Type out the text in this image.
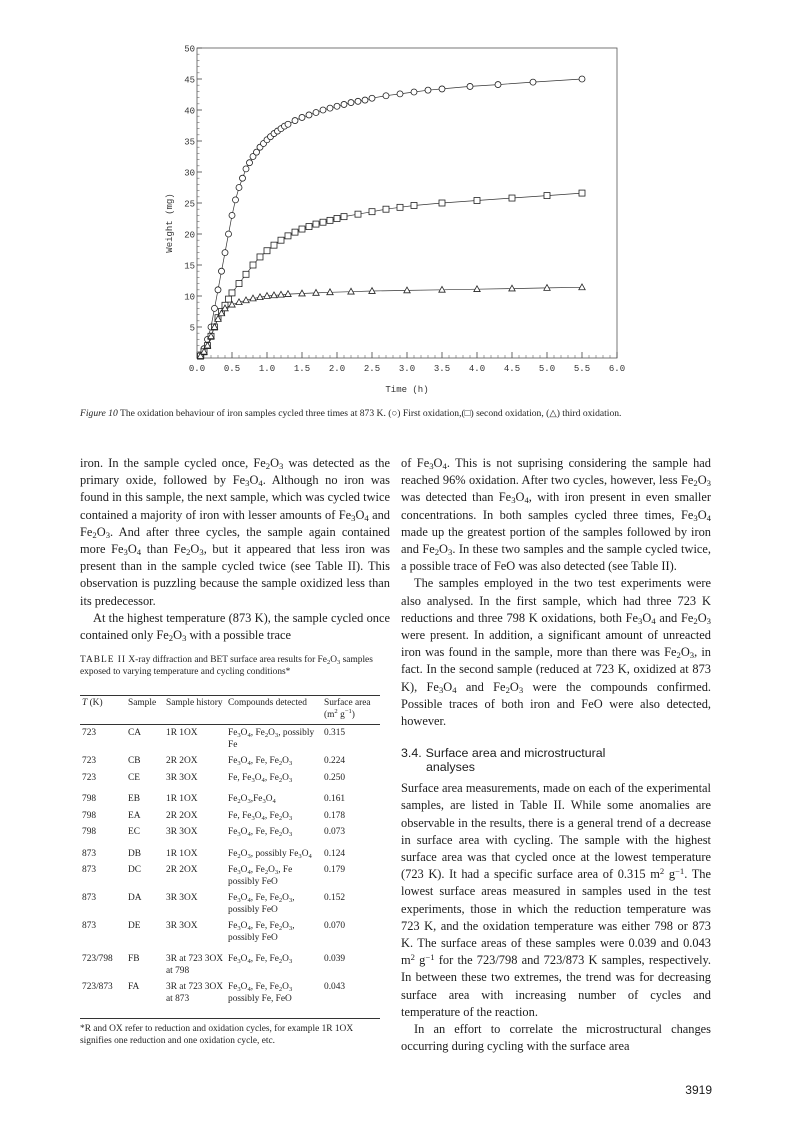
5
10
15
20
25
30
35
40
45
50
0.0 0.5 1.0 1.5 2.0 2.5 3.0 3.5 4.0 4.5 5.0 5.5 6.0
Time (h)
Weight (mg)
Figure 10 The oxidation behaviour of iron samples cycled three times at 873 K. (○) First oxidation,(□) second oxidation, (△) third oxidation.

iron. In the sample cycled once, $Fe_2O_3$ was detected as the primary oxide, followed by $Fe_3O_4$. Although no iron was found in this sample, the next sample, which was cycled twice contained a majority of iron with lesser amounts of $Fe_3O_4$ and $Fe_2O_3$. And after three cycles, the sample again contained more $Fe_3O_4$ than $Fe_2O_3$, but it appeared that less iron was present than in the sample cycled twice (see Table II). This observation is puzzling because the sample oxidized less than its predecessor.

At the highest temperature (873 K), the sample cycled once contained only $Fe_2O_3$ with a possible trace

TABLE II X-ray diffraction and BET surface area results for $Fe_2O_3$ samples exposed to varying temperature and cycling conditions*
T (K)	Sample	Sample history	Compounds detected	Surface area ($m^2$ $g^{-1}$)
723	CA	1R 1OX	$Fe_3O_4$, $Fe_2O_3$, possibly Fe	0.315
723	CB	2R 2OX	$Fe_3O_4$, Fe, $Fe_2O_3$	0.224
723	CE	3R 3OX	Fe, $Fe_3O_4$, $Fe_2O_3$	0.250
798	EB	1R 1OX	$Fe_2O_3,Fe_3O_4$	0.161
798	EA	2R 2OX	Fe, $Fe_3O_4$, $Fe_2O_3$	0.178
798	EC	3R 3OX	$Fe_3O_4$, Fe, $Fe_2O_3$	0.073
873	DB	1R 1OX	$Fe_2O_3$, possibly $Fe_3O_4$	0.124
873	DC	2R 2OX	$Fe_3O_4$, $Fe_2O_3$, Fe possibly FeO	0.179
873	DA	3R 3OX	$Fe_3O_4$, Fe, $Fe_2O_3$, possibly FeO	0.152
873	DE	3R 3OX	$Fe_3O_4$, Fe, $Fe_2O_3$, possibly FeO	0.070
723/798	FB	3R at 723 3OX at 798	$Fe_3O_4$, Fe, $Fe_2O_3$	0.039
723/873	FA	3R at 723 3OX at 873	$Fe_3O_4$, Fe, $Fe_2O_3$ possibly Fe, FeO	0.043
*R and OX refer to reduction and oxidation cycles, for example 1R 1OX signifies one reduction and one oxidation cycle, etc.

of $Fe_3O_4$. This is not suprising considering the sample had reached 96% oxidation. After two cycles, however, less $Fe_2O_3$ was detected than $Fe_3O_4$, with iron present in even smaller concentrations. In both samples cycled three times, $Fe_3O_4$ made up the greatest portion of the samples followed by iron and $Fe_2O_3$. In these two samples and the sample cycled twice, a possible trace of FeO was also detected (see Table II).

The samples employed in the two test experiments were also analysed. In the first sample, which had three 723 K reductions and three 798 K oxidations, both $Fe_3O_4$ and $Fe_2O_3$ were present. In addition, a significant amount of unreacted iron was found in the sample, more than there was $Fe_2O_3$, in fact. In the second sample (reduced at 723 K, oxidized at 873 K), $Fe_3O_4$ and $Fe_2O_3$ were the compounds confirmed. Possible traces of both iron and FeO were also detected, however.

3.4. Surface area and microstructural
analyses

Surface area measurements, made on each of the experimental samples, are listed in Table II. While some anomalies are observable in the results, there is a general trend of a decrease in surface area with cycling. The sample with the highest surface area was that cycled once at the lowest temperature (723 K). It had a specific surface area of 0.315 $m^2$ $g^{-1}$. The lowest surface areas measured in samples used in the test experiments, those in which the reduction temperature was 723 K, and the oxidation temperature was either 798 or 873 K. The surface areas of these samples were 0.039 and 0.043 $m^2$ $g^{-1}$ for the 723/798 and 723/873 K samples, respectively. In between these two extremes, the trend was for decreasing surface area with increasing number of cycles and temperature of the reaction.

In an effort to correlate the microstructural changes occurring during cycling with the surface area

3919
